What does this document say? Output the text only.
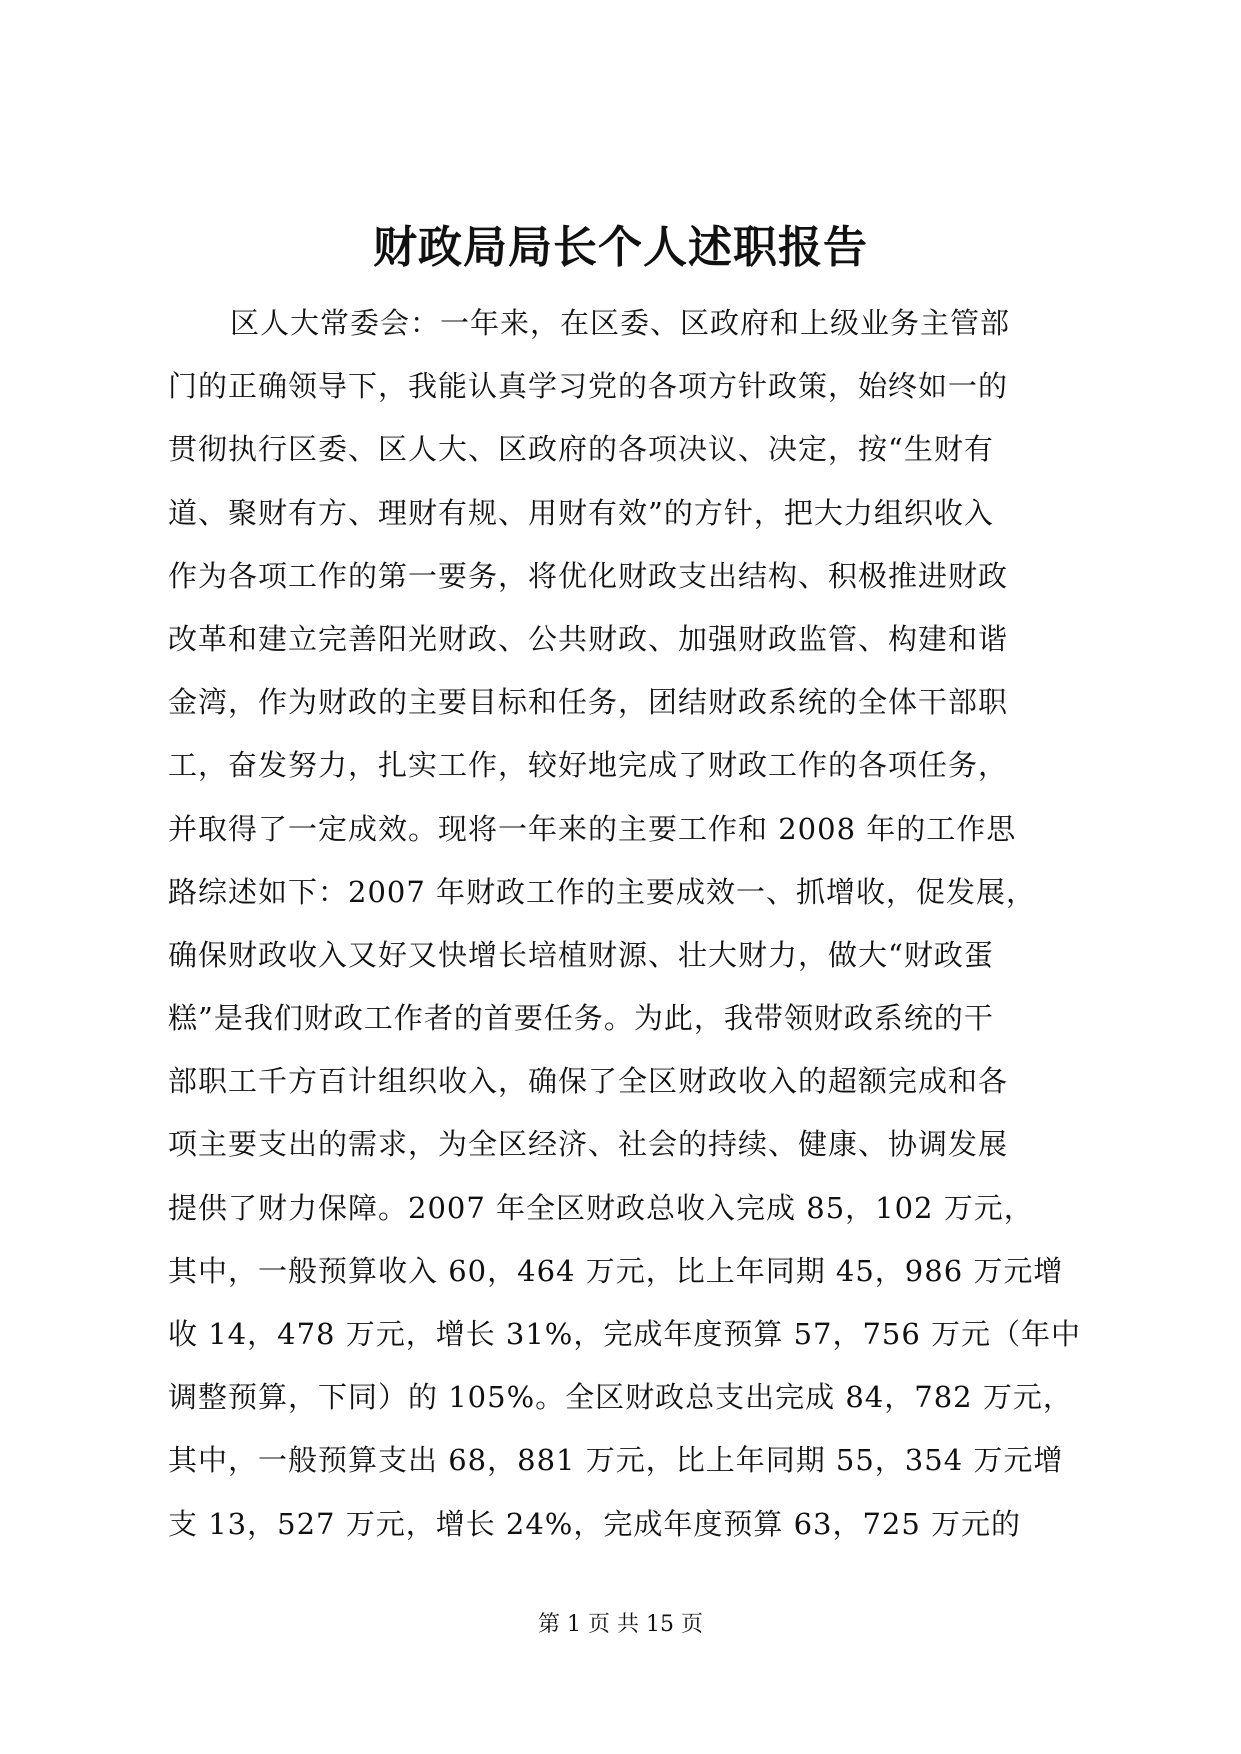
财政局局长个人述职报告
区人大常委会：一年来，在区委、区政府和上级业务主管部
门的正确领导下，我能认真学习党的各项方针政策，始终如一的
贯彻执行区委、区人大、区政府的各项决议、决定，按“生财有
道、聚财有方、理财有规、用财有效”的方针，把大力组织收入
作为各项工作的第一要务，将优化财政支出结构、积极推进财政
改革和建立完善阳光财政、公共财政、加强财政监管、构建和谐
金湾，作为财政的主要目标和任务，团结财政系统的全体干部职
工，奋发努力，扎实工作，较好地完成了财政工作的各项任务，
并取得了一定成效。现将一年来的主要工作和 2008 年的工作思
路综述如下：2007 年财政工作的主要成效一、抓增收，促发展，
确保财政收入又好又快增长培植财源、壮大财力，做大“财政蛋
糕”是我们财政工作者的首要任务。为此，我带领财政系统的干
部职工千方百计组织收入，确保了全区财政收入的超额完成和各
项主要支出的需求，为全区经济、社会的持续、健康、协调发展
提供了财力保障。2007 年全区财政总收入完成 85，102 万元，
其中，一般预算收入 60，464 万元，比上年同期 45，986 万元增
收 14，478 万元，增长 31%，完成年度预算 57，756 万元（年中
调整预算，下同）的 105%。全区财政总支出完成 84，782 万元，
其中，一般预算支出 68，881 万元，比上年同期 55，354 万元增
支 13，527 万元，增长 24%，完成年度预算 63，725 万元的
第 1 页 共 15 页
